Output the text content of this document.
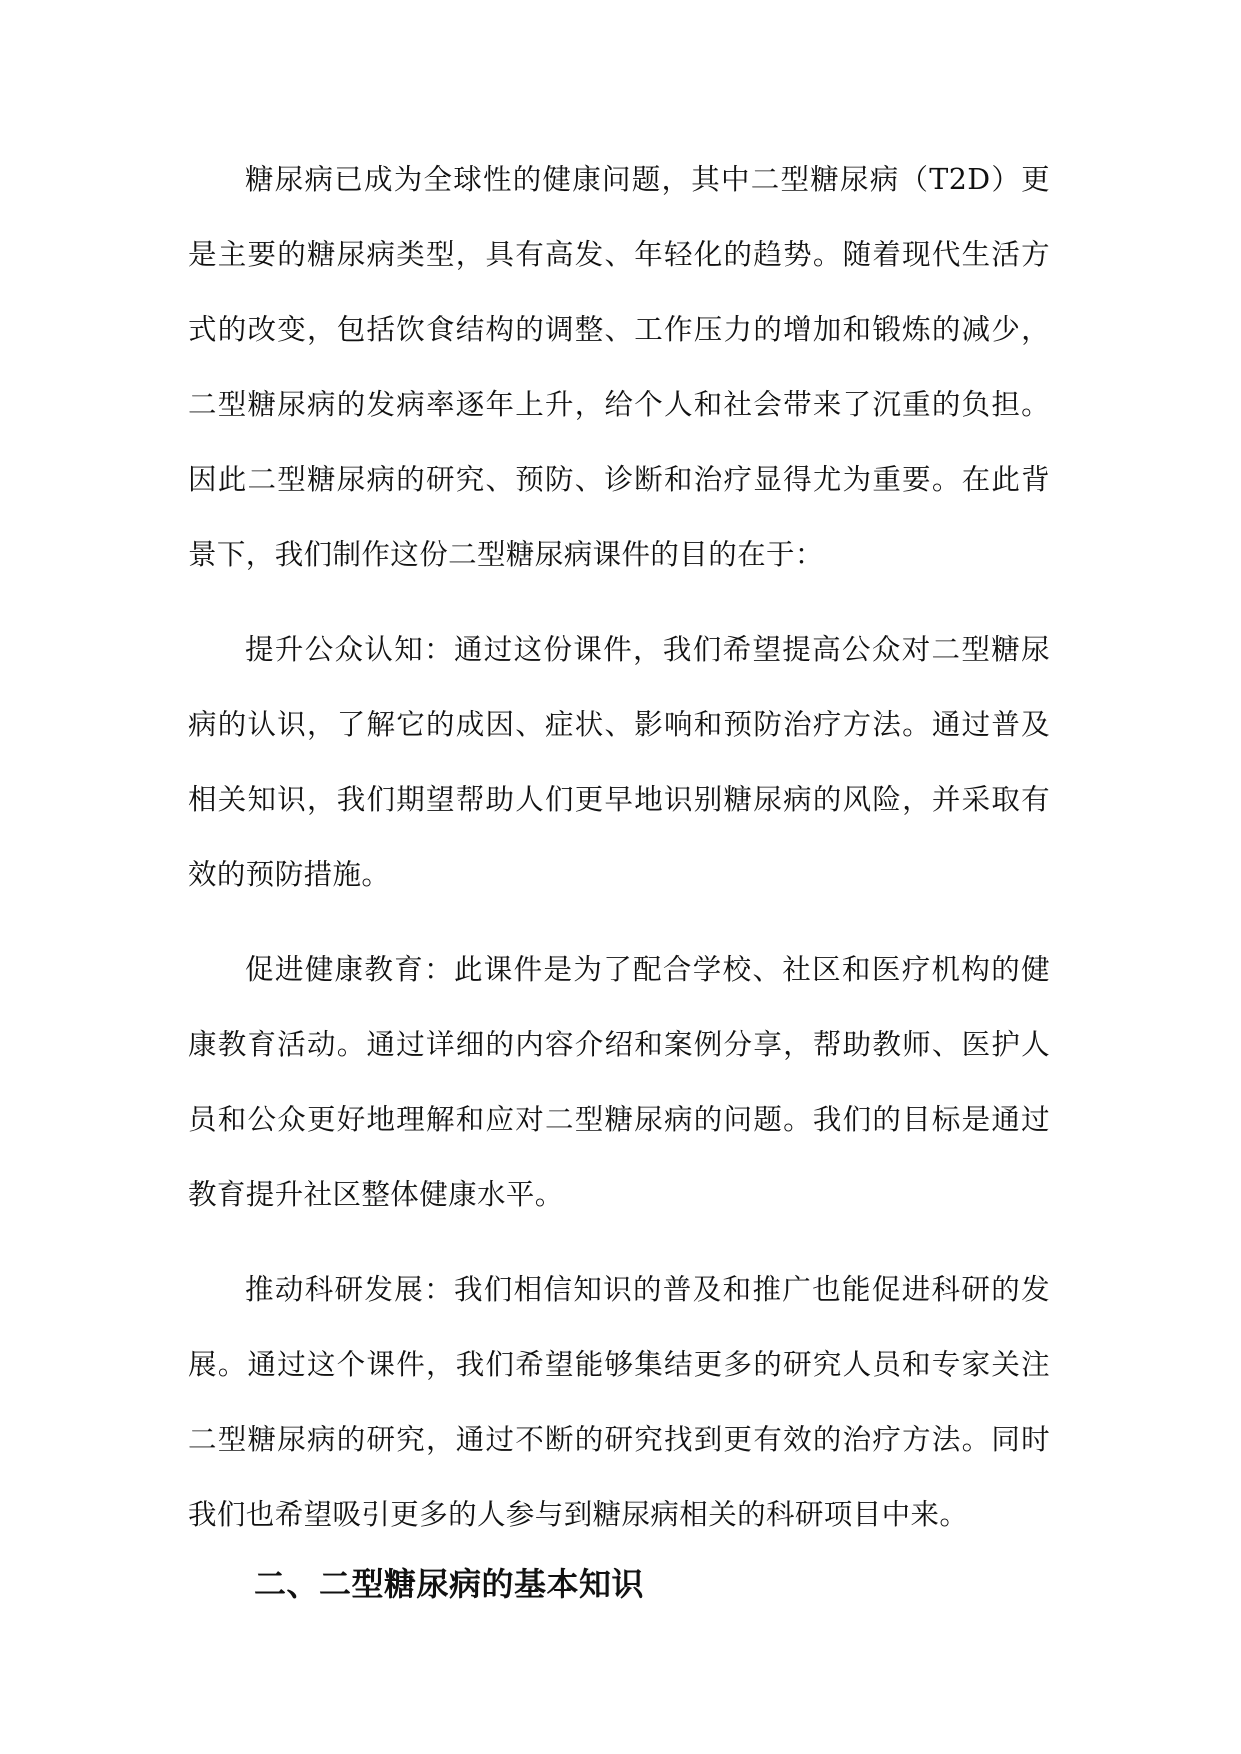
糖尿病已成为全球性的健康问题，其中二型糖尿病（T2D）更是主要的糖尿病类型，具有高发、年轻化的趋势。随着现代生活方式的改变，包括饮食结构的调整、工作压力的增加和锻炼的减少，二型糖尿病的发病率逐年上升，给个人和社会带来了沉重的负担。因此二型糖尿病的研究、预防、诊断和治疗显得尤为重要。在此背景下，我们制作这份二型糖尿病课件的目的在于：

提升公众认知：通过这份课件，我们希望提高公众对二型糖尿病的认识，了解它的成因、症状、影响和预防治疗方法。通过普及相关知识，我们期望帮助人们更早地识别糖尿病的风险，并采取有效的预防措施。

促进健康教育：此课件是为了配合学校、社区和医疗机构的健康教育活动。通过详细的内容介绍和案例分享，帮助教师、医护人员和公众更好地理解和应对二型糖尿病的问题。我们的目标是通过教育提升社区整体健康水平。

推动科研发展：我们相信知识的普及和推广也能促进科研的发展。通过这个课件，我们希望能够集结更多的研究人员和专家关注二型糖尿病的研究，通过不断的研究找到更有效的治疗方法。同时我们也希望吸引更多的人参与到糖尿病相关的科研项目中来。

二、二型糖尿病的基本知识
